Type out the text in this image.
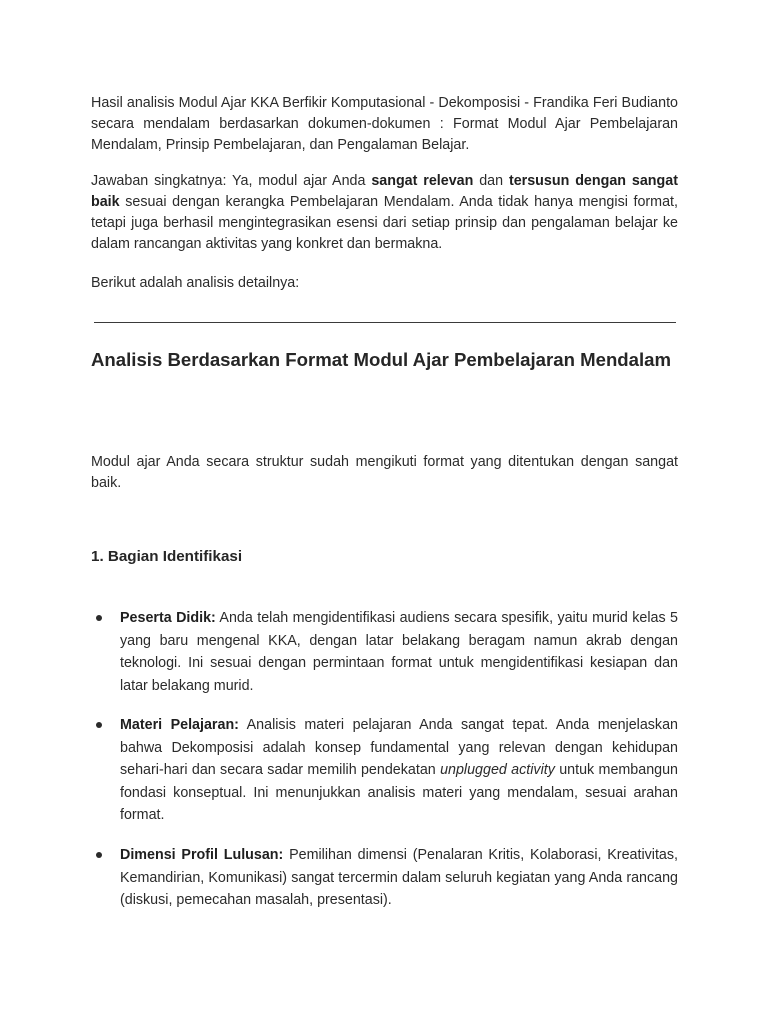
Hasil analisis Modul Ajar KKA Berfikir Komputasional - Dekomposisi - Frandika Feri Budianto secara mendalam berdasarkan dokumen-dokumen : Format Modul Ajar Pembelajaran Mendalam, Prinsip Pembelajaran, dan Pengalaman Belajar.

Jawaban singkatnya: Ya, modul ajar Anda sangat relevan dan tersusun dengan sangat baik sesuai dengan kerangka Pembelajaran Mendalam. Anda tidak hanya mengisi format, tetapi juga berhasil mengintegrasikan esensi dari setiap prinsip dan pengalaman belajar ke dalam rancangan aktivitas yang konkret dan bermakna.

Berikut adalah analisis detailnya:

Analisis Berdasarkan Format Modul Ajar Pembelajaran Mendalam

Modul ajar Anda secara struktur sudah mengikuti format yang ditentukan dengan sangat baik.

1. Bagian Identifikasi

Peserta Didik: Anda telah mengidentifikasi audiens secara spesifik, yaitu murid kelas 5 yang baru mengenal KKA, dengan latar belakang beragam namun akrab dengan teknologi. Ini sesuai dengan permintaan format untuk mengidentifikasi kesiapan dan latar belakang murid.

Materi Pelajaran: Analisis materi pelajaran Anda sangat tepat. Anda menjelaskan bahwa Dekomposisi adalah konsep fundamental yang relevan dengan kehidupan sehari-hari dan secara sadar memilih pendekatan unplugged activity untuk membangun fondasi konseptual. Ini menunjukkan analisis materi yang mendalam, sesuai arahan format.

Dimensi Profil Lulusan: Pemilihan dimensi (Penalaran Kritis, Kolaborasi, Kreativitas, Kemandirian, Komunikasi) sangat tercermin dalam seluruh kegiatan yang Anda rancang (diskusi, pemecahan masalah, presentasi).
